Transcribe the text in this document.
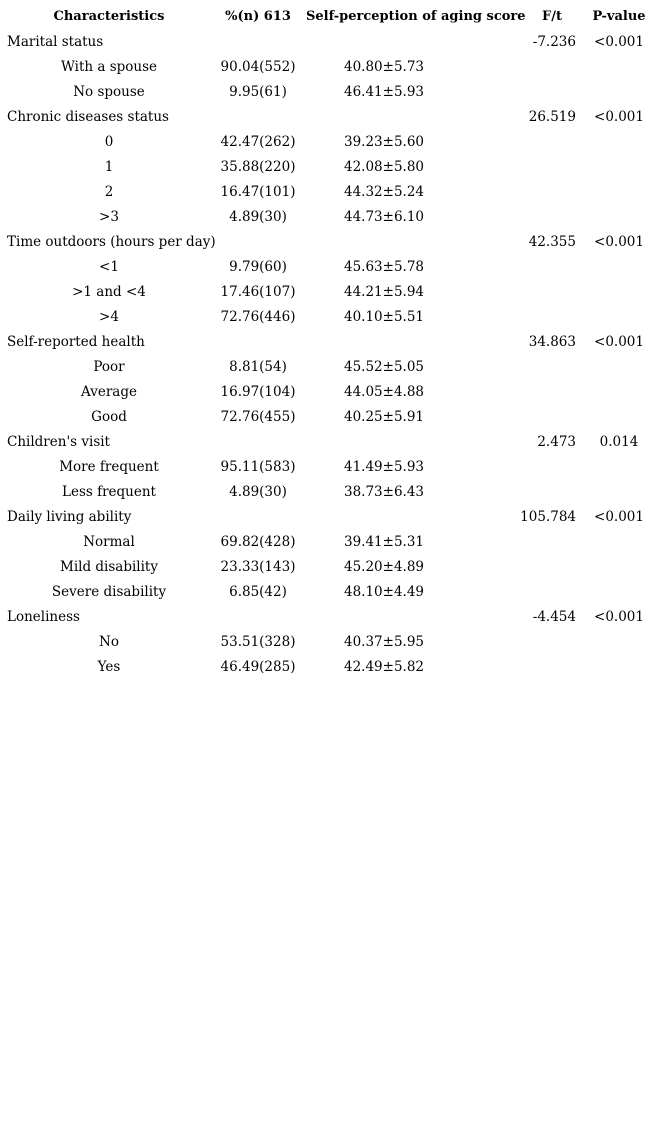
Characteristics	%(n) 613	Self-perception of aging score	F/t	P-value
Marital status			-7.236	<0.001
With a spouse	90.04(552)	40.80±5.73		
No spouse	9.95(61)	46.41±5.93		
Chronic diseases status			26.519	<0.001
0	42.47(262)	39.23±5.60		
1	35.88(220)	42.08±5.80		
2	16.47(101)	44.32±5.24		
>3	4.89(30)	44.73±6.10		
Time outdoors (hours per day)			42.355	<0.001
<1	9.79(60)	45.63±5.78		
>1 and <4	17.46(107)	44.21±5.94		
>4	72.76(446)	40.10±5.51		
Self-reported health			34.863	<0.001
Poor	8.81(54)	45.52±5.05		
Average	16.97(104)	44.05±4.88		
Good	72.76(455)	40.25±5.91		
Children's visit			2.473	0.014
More frequent	95.11(583)	41.49±5.93		
Less frequent	4.89(30)	38.73±6.43		
Daily living ability			105.784	<0.001
Normal	69.82(428)	39.41±5.31		
Mild disability	23.33(143)	45.20±4.89		
Severe disability	6.85(42)	48.10±4.49		
Loneliness			-4.454	<0.001
No	53.51(328)	40.37±5.95		
Yes	46.49(285)	42.49±5.82		
